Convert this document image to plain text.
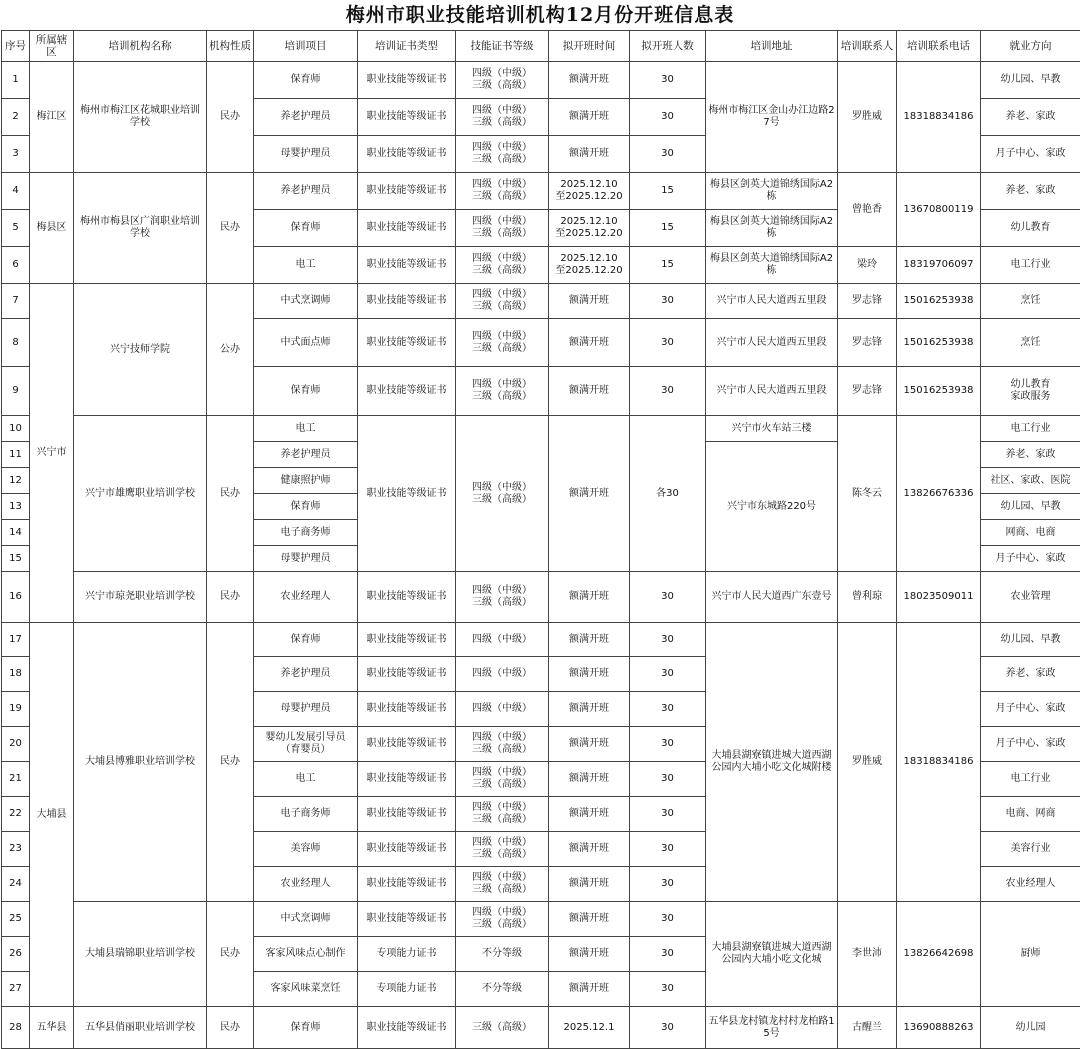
梅州市职业技能培训机构12月份开班信息表
序号	所属辖区	培训机构名称	机构性质	培训项目	培训证书类型	技能证书等级	拟开班时间	拟开班人数	培训地址	培训联系人	培训联系电话	就业方向
1	梅江区	梅州市梅江区花城职业培训学校	民办	保育师	职业技能等级证书	四级（中级）
三级（高级）	额满开班	30	梅州市梅江区金山办江边路27号	罗胜威	18318834186	幼儿园、早教
2				养老护理员	职业技能等级证书	四级（中级）
三级（高级）	额满开班	30				养老、家政
3				母婴护理员	职业技能等级证书	四级（中级）
三级（高级）	额满开班	30				月子中心、家政
4	梅县区	梅州市梅县区广润职业培训学校	民办	养老护理员	职业技能等级证书	四级（中级）
三级（高级）	2025.12.10
至2025.12.20	15	梅县区剑英大道锦绣国际A2栋	曾艳香	13670800119	养老、家政
5				保育师	职业技能等级证书	四级（中级）
三级（高级）	2025.12.10
至2025.12.20	15	梅县区剑英大道锦绣国际A2栋			幼儿教育
6				电工	职业技能等级证书	四级（中级）
三级（高级）	2025.12.10
至2025.12.20	15	梅县区剑英大道锦绣国际A2栋	梁玲	18319706097	电工行业
7	兴宁市	兴宁技师学院	公办	中式烹调师	职业技能等级证书	四级（中级）
三级（高级）	额满开班	30	兴宁市人民大道西五里段	罗志锋	15016253938	烹饪
8				中式面点师	职业技能等级证书	四级（中级）
三级（高级）	额满开班	30	兴宁市人民大道西五里段	罗志锋	15016253938	烹饪
9				保育师	职业技能等级证书	四级（中级）
三级（高级）	额满开班	30	兴宁市人民大道西五里段	罗志锋	15016253938	幼儿教育
家政服务
10		兴宁市雄鹰职业培训学校	民办	电工	职业技能等级证书	四级（中级）
三级（高级）	额满开班	各30	兴宁市火车站三楼	陈冬云	13826676336	电工行业
11				养老护理员					兴宁市东城路220号			养老、家政
12				健康照护师								社区、家政、医院
13				保育师								幼儿园、早教
14				电子商务师								网商、电商
15				母婴护理员								月子中心、家政
16		兴宁市琼尧职业培训学校	民办	农业经理人	职业技能等级证书	四级（中级）
三级（高级）	额满开班	30	兴宁市人民大道西广东壹号	曾利琼	18023509011	农业管理
17	大埔县	大埔县博雅职业培训学校	民办	保育师	职业技能等级证书	四级（中级）	额满开班	30	大埔县湖寮镇进城大道西湖公园内大埔小吃文化城附楼	罗胜威	18318834186	幼儿园、早教
18				养老护理员	职业技能等级证书	四级（中级）	额满开班	30				养老、家政
19				母婴护理员	职业技能等级证书	四级（中级）	额满开班	30				月子中心、家政
20				婴幼儿发展引导员
（育婴员）	职业技能等级证书	四级（中级）
三级（高级）	额满开班	30				月子中心、家政
21				电工	职业技能等级证书	四级（中级）
三级（高级）	额满开班	30				电工行业
22				电子商务师	职业技能等级证书	四级（中级）
三级（高级）	额满开班	30				电商、网商
23				美容师	职业技能等级证书	四级（中级）
三级（高级）	额满开班	30				美容行业
24				农业经理人	职业技能等级证书	四级（中级）
三级（高级）	额满开班	30				农业经理人
25		大埔县瑞锦职业培训学校	民办	中式烹调师	职业技能等级证书	四级（中级）
三级（高级）	额满开班	30	大埔县湖寮镇进城大道西湖公园内大埔小吃文化城	李世沛	13826642698	厨师
26				客家风味点心制作	专项能力证书	不分等级	额满开班	30				
27				客家风味菜烹饪	专项能力证书	不分等级	额满开班	30				
28	五华县	五华县俏丽职业培训学校	民办	保育师	职业技能等级证书	三级（高级）	2025.12.1	30	五华县龙村镇龙村村龙柏路15号	古醒兰	13690888263	幼儿园
